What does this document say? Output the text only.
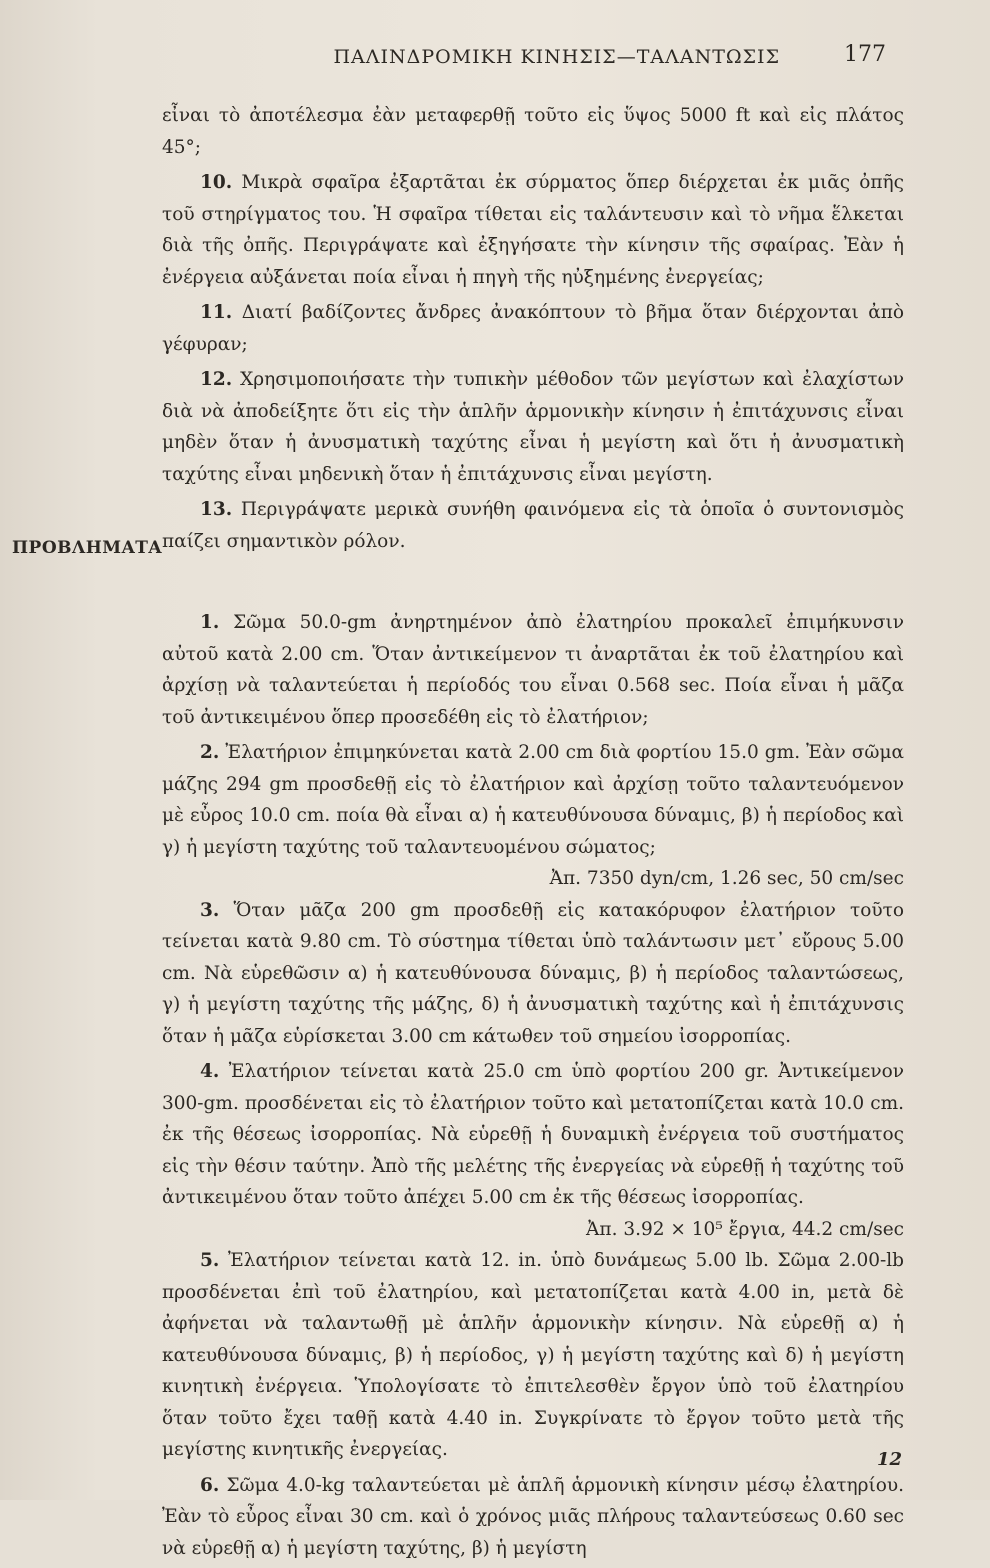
ΠΑΛΙΝΔΡΟΜΙΚΗ ΚΙΝΗΣΙΣ—ΤΑΛΑΝΤΩΣΙΣ	177
ΠΡΟΒΛΗΜΑΤΑ

εἶναι τὸ ἀποτέλεσμα ἐὰν μεταφερθῇ τοῦτο εἰς ὕψος 5000 ft καὶ εἰς πλάτος 45°;

10. Μικρὰ σφαῖρα ἐξαρτᾶται ἐκ σύρματος ὅπερ διέρχεται ἐκ μιᾶς ὀπῆς τοῦ στηρίγματος του. Ἡ σφαῖρα τίθεται εἰς ταλάντευσιν καὶ τὸ νῆμα ἕλκεται διὰ τῆς ὀπῆς. Περιγράψατε καὶ ἐξηγήσατε τὴν κίνησιν τῆς σφαίρας. Ἐὰν ἡ ἐνέργεια αὐξάνεται ποία εἶναι ἡ πηγὴ τῆς ηὐξημένης ἐνεργείας;

11. Διατί βαδίζοντες ἄνδρες ἀνακόπτουν τὸ βῆμα ὅταν διέρχονται ἀπὸ γέφυραν;

12. Χρησιμοποιήσατε τὴν τυπικὴν μέθοδον τῶν μεγίστων καὶ ἐλαχίστων διὰ νὰ ἀποδείξητε ὅτι εἰς τὴν ἁπλῆν ἁρμονικὴν κίνησιν ἡ ἐπιτάχυνσις εἶναι μηδὲν ὅταν ἡ ἀνυσματικὴ ταχύτης εἶναι ἡ μεγίστη καὶ ὅτι ἡ ἀνυσματικὴ ταχύτης εἶναι μηδενικὴ ὅταν ἡ ἐπιτάχυνσις εἶναι μεγίστη.

13. Περιγράψατε μερικὰ συνήθη φαινόμενα εἰς τὰ ὁποῖα ὁ συντονισμὸς παίζει σημαντικὸν ρόλον.

1. Σῶμα 50.0-gm ἀνηρτημένον ἀπὸ ἐλατηρίου προκαλεῖ ἐπιμήκυνσιν αὐτοῦ κατὰ 2.00 cm. Ὅταν ἀντικείμενον τι ἀναρτᾶται ἐκ τοῦ ἐλατηρίου καὶ ἀρχίσῃ νὰ ταλαντεύεται ἡ περίοδός του εἶναι 0.568 sec. Ποία εἶναι ἡ μᾶζα τοῦ ἀντικειμένου ὅπερ προσεδέθη εἰς τὸ ἐλατήριον;

2. Ἐλατήριον ἐπιμηκύνεται κατὰ 2.00 cm διὰ φορτίου 15.0 gm. Ἐὰν σῶμα μάζης 294 gm προσδεθῇ εἰς τὸ ἐλατήριον καὶ ἀρχίσῃ τοῦτο ταλαντευόμενον μὲ εὖρος 10.0 cm. ποία θὰ εἶναι α) ἡ κατευθύνουσα δύναμις, β) ἡ περίοδος καὶ γ) ἡ μεγίστη ταχύτης τοῦ ταλαντευομένου σώματος;
Ἀπ. 7350 dyn/cm, 1.26 sec, 50 cm/sec

3. Ὅταν μᾶζα 200 gm προσδεθῇ εἰς κατακόρυφον ἐλατήριον τοῦτο τείνεται κατὰ 9.80 cm. Τὸ σύστημα τίθεται ὑπὸ ταλάντωσιν μετ᾽ εὔρους 5.00 cm. Νὰ εὑρεθῶσιν α) ἡ κατευθύνουσα δύναμις, β) ἡ περίοδος ταλαντώσεως, γ) ἡ μεγίστη ταχύτης τῆς μάζης, δ) ἡ ἀνυσματικὴ ταχύτης καὶ ἡ ἐπιτάχυνσις ὅταν ἡ μᾶζα εὑρίσκεται 3.00 cm κάτωθεν τοῦ σημείου ἰσορροπίας.

4. Ἐλατήριον τείνεται κατὰ 25.0 cm ὑπὸ φορτίου 200 gr. Ἀντικείμενον 300-gm. προσδένεται εἰς τὸ ἐλατήριον τοῦτο καὶ μετατοπίζεται κατὰ 10.0 cm. ἐκ τῆς θέσεως ἰσορροπίας. Νὰ εὑρεθῇ ἡ δυναμικὴ ἐνέργεια τοῦ συστήματος εἰς τὴν θέσιν ταύτην. Ἀπὸ τῆς μελέτης τῆς ἐνεργείας νὰ εὑρεθῇ ἡ ταχύτης τοῦ ἀντικειμένου ὅταν τοῦτο ἀπέχει 5.00 cm ἐκ τῆς θέσεως ἰσορροπίας.
Ἀπ. 3.92 × 10⁵ ἔργια, 44.2 cm/sec

5. Ἐλατήριον τείνεται κατὰ 12. in. ὑπὸ δυνάμεως 5.00 lb. Σῶμα 2.00-lb προσδένεται ἐπὶ τοῦ ἐλατηρίου, καὶ μετατοπίζεται κατὰ 4.00 in, μετὰ δὲ ἀφήνεται νὰ ταλαντωθῇ μὲ ἁπλῆν ἁρμονικὴν κίνησιν. Νὰ εὑρεθῇ α) ἡ κατευθύνουσα δύναμις, β) ἡ περίοδος, γ) ἡ μεγίστη ταχύτης καὶ δ) ἡ μεγίστη κινητικὴ ἐνέργεια. Ὑπολογίσατε τὸ ἐπιτελεσθὲν ἔργον ὑπὸ τοῦ ἐλατηρίου ὅταν τοῦτο ἔχει ταθῇ κατὰ 4.40 in. Συγκρίνατε τὸ ἔργον τοῦτο μετὰ τῆς μεγίστης κινητικῆς ἐνεργείας.

6. Σῶμα 4.0-kg ταλαντεύεται μὲ ἁπλῆ ἁρμονικὴ κίνησιν μέσῳ ἐλατηρίου. Ἐὰν τὸ εὖρος εἶναι 30 cm. καὶ ὁ χρόνος μιᾶς πλήρους ταλαντεύσεως 0.60 sec νὰ εὑρεθῇ α) ἡ μεγίστη ταχύτης, β) ἡ μεγίστη

12
